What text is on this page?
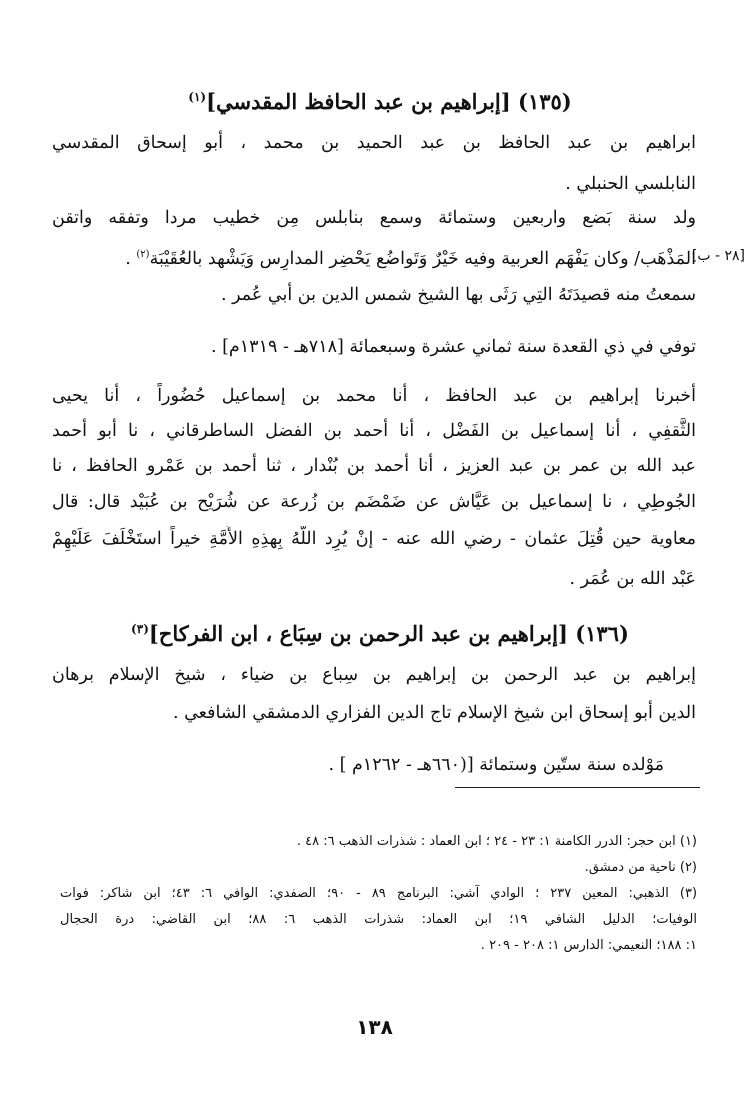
(١٣٥) [إبراهيم بن عبد الحافظ المقدسي]$^{(١)}$
ابراهيم بن عبد الحافظ بن عبد الحميد بن محمد ، أبو إسحاق المقدسي
النابلسي الحنبلي .
ولد سنة بَضع واربعين وستمائة وسمع بنابلس مِن خطيب مردا وتفقه واتقن
المَذْهَب/ وكان يَفْهَم العربية وفيه خَيْرٌ وَتَواضُع يَحْضِر المدارِس وَيَشْهد بالعُقَيْبَة$^{(٢)}$ .	[٢٨ - ب]
سمعتُ منه قصيدَتَهُ التِي رَثَى بها الشيخ شمس الدين بن أبي عُمر .
توفي في ذي القعدة سنة ثماني عشرة وسبعمائة [٧١٨هـ - ١٣١٩م] .
أخبرنا إبراهيم بن عبد الحافظ ، أنا محمد بن إسماعيل حُضُوراً ، أنا يحيى
الثَّقفِي ، أنا إسماعيل بن الفَضْل ، أنا أحمد بن الفضل الساطرقاني ، نا أبو أحمد
عبد الله بن عمر بن عبد العزيز ، أنا أحمد بن بُنْدار ، ثنا أحمد بن عَمْرو الحافظ ، نا
الجُوطِي ، نا إسماعيل بن عَيَّاش عن ضَمْضَم بن زُرعة عن شُرَيْح بن عُبَيْد قال: قال
معاوية حين قُتِلَ عثمان - رضي الله عنه - إنْ يُرِد اللّهُ بِهذِهِ الأُمَّةِ خيراً استَخْلَفَ عَلَيْهِمْ
عَبْد الله بن عُمَر .
(١٣٦) [إبراهيم بن عبد الرحمن بن سِبَاع ، ابن الفركاح]$^{(٣)}$
إبراهيم بن عبد الرحمن بن إبراهيم بن سِباع بن ضياء ، شيخ الإسلام برهان
الدين أبو إسحاق ابن شيخ الإسلام تاج الدين الفزاري الدمشقي الشافعي .
مَوْلده سنة ستّين وستمائة [(٦٦٠هـ - ١٢٦٢م ] .
(١) ابن حجر: الدرر الكامنة ١: ٢٣ - ٢٤ ؛ ابن العماد : شذرات الذهب ٦: ٤٨ .
(٢) ناحية من دمشق.
(٣) الذهبي: المعين ٢٣٧ ؛ الوادي آشي: البرنامج ٨٩ - ٩٠؛ الصفدي: الوافي ٦: ٤٣؛ ابن شاكر: فوات
الوفيات؛ الدليل الشافي ١٩؛ ابن العماد: شذرات الذهب ٦: ٨٨؛ ابن القاضي: درة الحجال
١: ١٨٨؛ النعيمي: الدارس ١: ٢٠٨ - ٢٠٩ .
١٣٨
